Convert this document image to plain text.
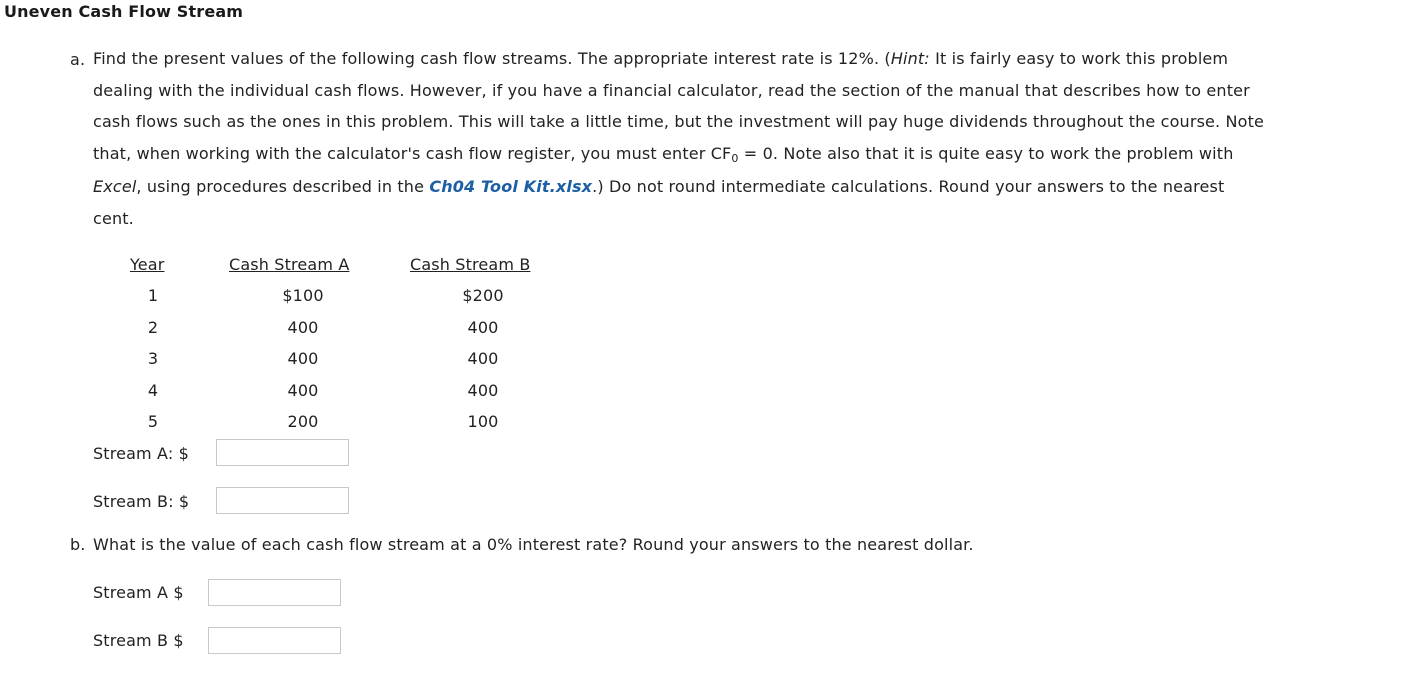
Uneven Cash Flow Stream
a. Find the present values of the following cash flow streams. The appropriate interest rate is 12%. (Hint: It is fairly easy to work this problem
dealing with the individual cash flows. However, if you have a financial calculator, read the section of the manual that describes how to enter
cash flows such as the ones in this problem. This will take a little time, but the investment will pay huge dividends throughout the course. Note
that, when working with the calculator's cash flow register, you must enter CF0 = 0. Note also that it is quite easy to work the problem with
Excel, using procedures described in the Ch04 Tool Kit.xlsx.) Do not round intermediate calculations. Round your answers to the nearest
cent.
Year	Cash Stream A	Cash Stream B
1	$100	$200
2	400	400
3	400	400
4	400	400
5	200	100
Stream A: $
Stream B: $
b. What is the value of each cash flow stream at a 0% interest rate? Round your answers to the nearest dollar.
Stream A $
Stream B $
